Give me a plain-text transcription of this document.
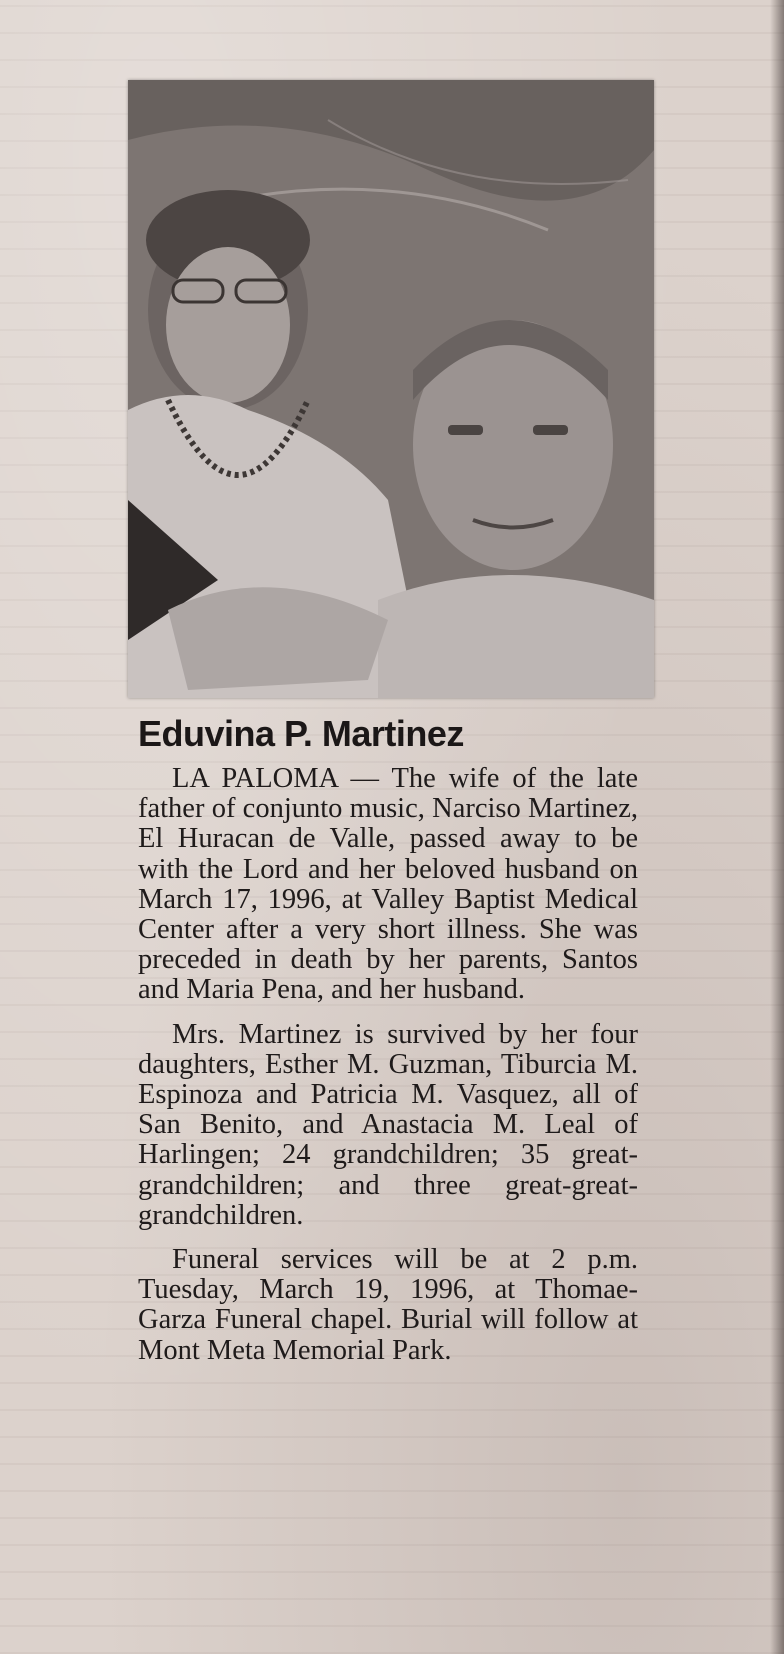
Eduvina P. Martinez

LA PALOMA — The wife of the late father of conjunto music, Narciso Martinez, El Huracan de Valle, passed away to be with the Lord and her beloved husband on March 17, 1996, at Valley Baptist Medical Center after a very short illness. She was preceded in death by her parents, Santos and Maria Pena, and her husband.

Mrs. Martinez is survived by her four daughters, Esther M. Guzman, Tiburcia M. Espinoza and Patricia M. Vasquez, all of San Benito, and Anastacia M. Leal of Harlingen; 24 grandchildren; 35 great-grandchildren; and three great-great-grandchildren.

Funeral services will be at 2 p.m. Tuesday, March 19, 1996, at Thomae-Garza Funeral chapel. Burial will follow at Mont Meta Memorial Park.
